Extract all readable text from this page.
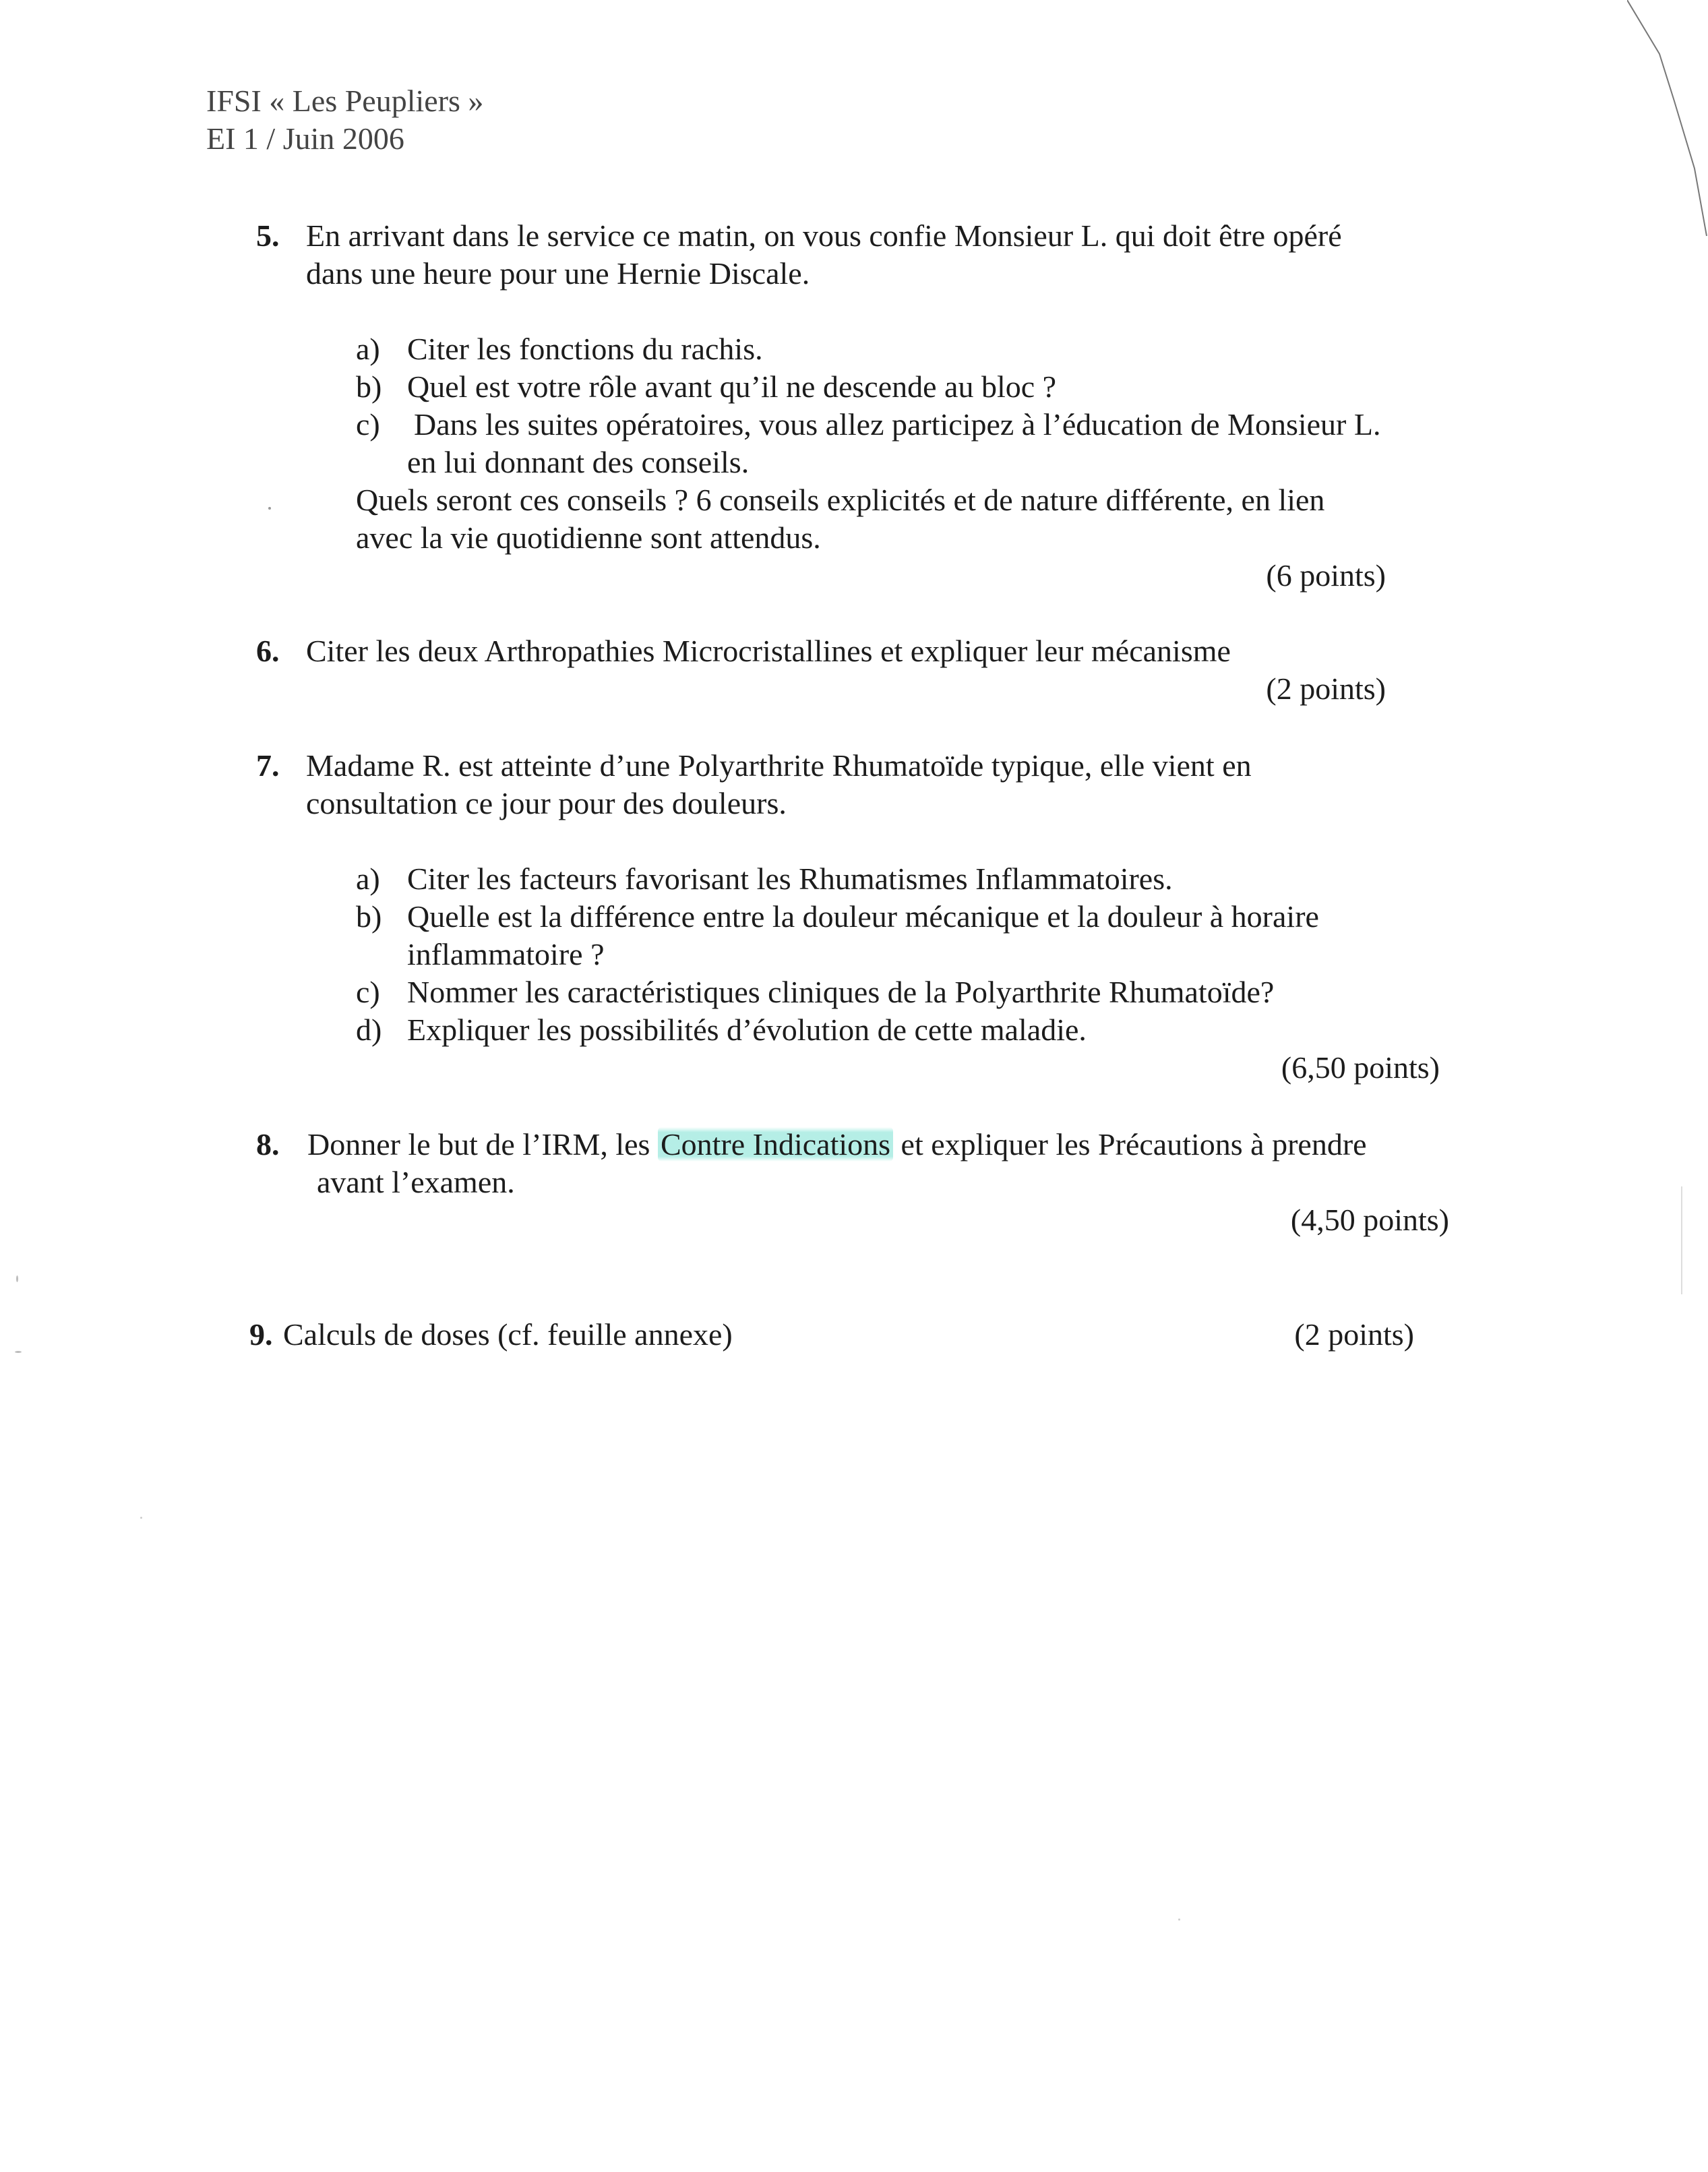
IFSI « Les Peupliers »
EI 1 / Juin 2006
5. En arrivant dans le service ce matin, on vous confie Monsieur L. qui doit être opéré
dans une heure pour une Hernie Discale.
a) Citer les fonctions du rachis.
b) Quel est votre rôle avant qu’il ne descende au bloc ?
c) Dans les suites opératoires, vous allez participez à l’éducation de Monsieur L.
en lui donnant des conseils.
Quels seront ces conseils ? 6 conseils explicités et de nature différente, en lien
avec la vie quotidienne sont attendus.
(6 points)
6. Citer les deux Arthropathies Microcristallines et expliquer leur mécanisme
(2 points)
7. Madame R. est atteinte d’une Polyarthrite Rhumatoïde typique, elle vient en
consultation ce jour pour des douleurs.
a) Citer les facteurs favorisant les Rhumatismes Inflammatoires.
b) Quelle est la différence entre la douleur mécanique et la douleur à horaire
inflammatoire ?
c) Nommer les caractéristiques cliniques de la Polyarthrite Rhumatoïde?
d) Expliquer les possibilités d’évolution de cette maladie.
(6,50 points)
8. Donner le but de l’IRM, les Contre Indications et expliquer les Précautions à prendre
avant l’examen.
(4,50 points)
9. Calculs de doses (cf. feuille annexe)	(2 points)
